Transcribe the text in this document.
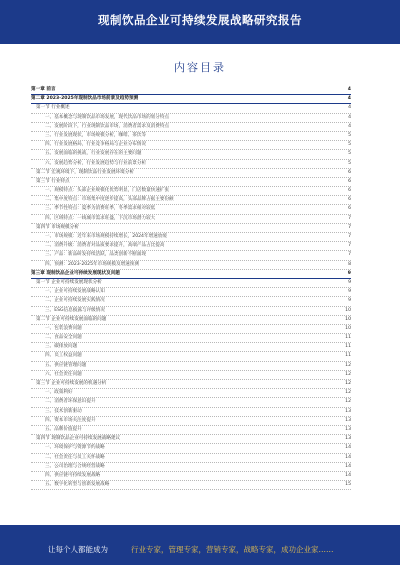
现制饮品企业可持续发展战略研究报告
内容目录
第一章 前言	4
第二章 2023-2025年现制饮品市场前景及趋势预测	4
第一节 行业概述	4
一、基本概念与现制饮品市场发展，现代饮品市场的划分特点	4
二、发展阶段下，行业现制饮品市场，消费者需求及消费特点	4
三、行业发展现状，市场规模分析，咖啡、茶饮等	5
四、行业发展格局，行业竞争格局与企业分布情况	5
五、发展面临的挑战，行业发展存在的主要问题	5
六、发展趋势分析，行业发展趋势与行业前景分析	5
第二节 宏观环境下，现制饮品行业发展环境分析	6
第三节 行业特点	6
一、规模特点：头部企业规模化优势明显，门店数量快速扩张	6
二、集中度特点：市场集中度逐步提高，头部品牌占据主要份额	6
三、季节性特点：夏季为消费旺季，冬季需求相对较低	6
四、区域特点：一线城市需求旺盛，下沉市场潜力较大	7
第四节 市场规模分析	7
一、市场规模：近年来市场规模持续增长，2024年增速放缓	7
二、消费升级：消费者对品质要求提升，高端产品占比提高	7
三、产品：新品研发持续活跃，品类创新不断涌现	7
四、预测：2023-2025年市场规模及增速预测	8
第三章 现制饮品企业可持续发展现状及问题	9
第一节 企业可持续发展现状分析	9
一、企业可持续发展战略认知	9
二、企业可持续发展实践情况	9
三、ESG信息披露与评级情况	10
第二节 企业可持续发展面临的问题	10
一、包装浪费问题	10
二、食品安全问题	11
三、碳排放问题	11
四、员工权益问题	11
五、供应链管理问题	12
六、社会责任问题	12
第三节 企业可持续发展的机遇分析	12
一、政策利好	12
二、消费者环保意识提升	12
三、技术创新驱动	13
四、资本市场关注度提升	13
五、品牌价值提升	13
第四节 现制饮品企业可持续发展战略建议	13
一、环境保护与资源节约战略	14
二、社会责任与员工关怀战略	14
三、公司治理与合规经营战略	14
四、供应链可持续发展战略	14
五、数字化转型与创新发展战略	15
让每个人都能成为	行业专家，管理专家，营销专家，战略专家，成功企业家……
